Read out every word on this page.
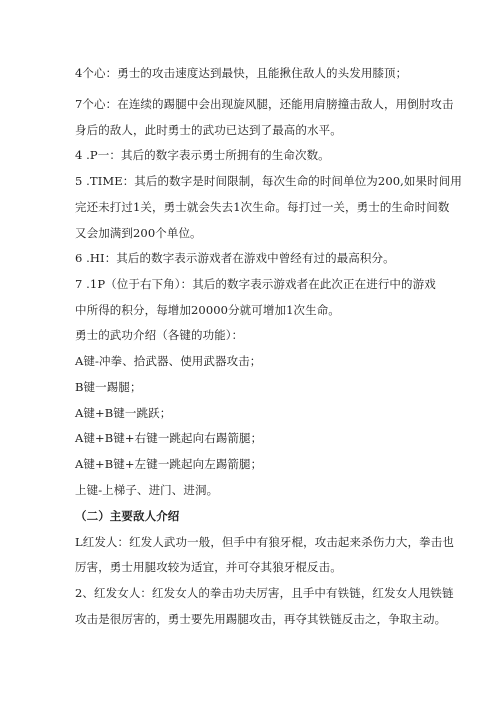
4个心：勇士的攻击速度达到最快，且能揪住敌人的头发用膝顶；
7个心：在连续的踢腿中会出现旋风腿，还能用肩膀撞击敌人，用倒肘攻击
身后的敌人，此时勇士的武功已达到了最高的水平。
4 .P一：其后的数字表示勇士所拥有的生命次数。
5 .TIME：其后的数字是时间限制，每次生命的时间单位为200,如果时间用
完还未打过1关，勇士就会失去1次生命。每打过一关，勇士的生命时间数
又会加满到200个单位。
6 .HI：其后的数字表示游戏者在游戏中曾经有过的最高积分。
7 .1P（位于右下角）：其后的数字表示游戏者在此次正在进行中的游戏
中所得的积分，每增加20000分就可增加1次生命。
勇士的武功介绍（各键的功能）：
A键-冲拳、拾武器、使用武器攻击；
B键一踢腿；
A键+B键一跳跃；
A键+B键+右键一跳起向右踢箭腿；
A键+B键+左键一跳起向左踢箭腿；
上键-上梯子、进门、进洞。
（二）主要敌人介绍
L红发人：红发人武功一般，但手中有狼牙棍，攻击起来杀伤力大，拳击也
厉害，勇士用腿攻较为适宜，并可夺其狼牙棍反击。
2、红发女人：红发女人的拳击功夫厉害，且手中有铁链，红发女人甩铁链
攻击是很厉害的，勇士要先用踢腿攻击，再夺其铁链反击之，争取主动。
